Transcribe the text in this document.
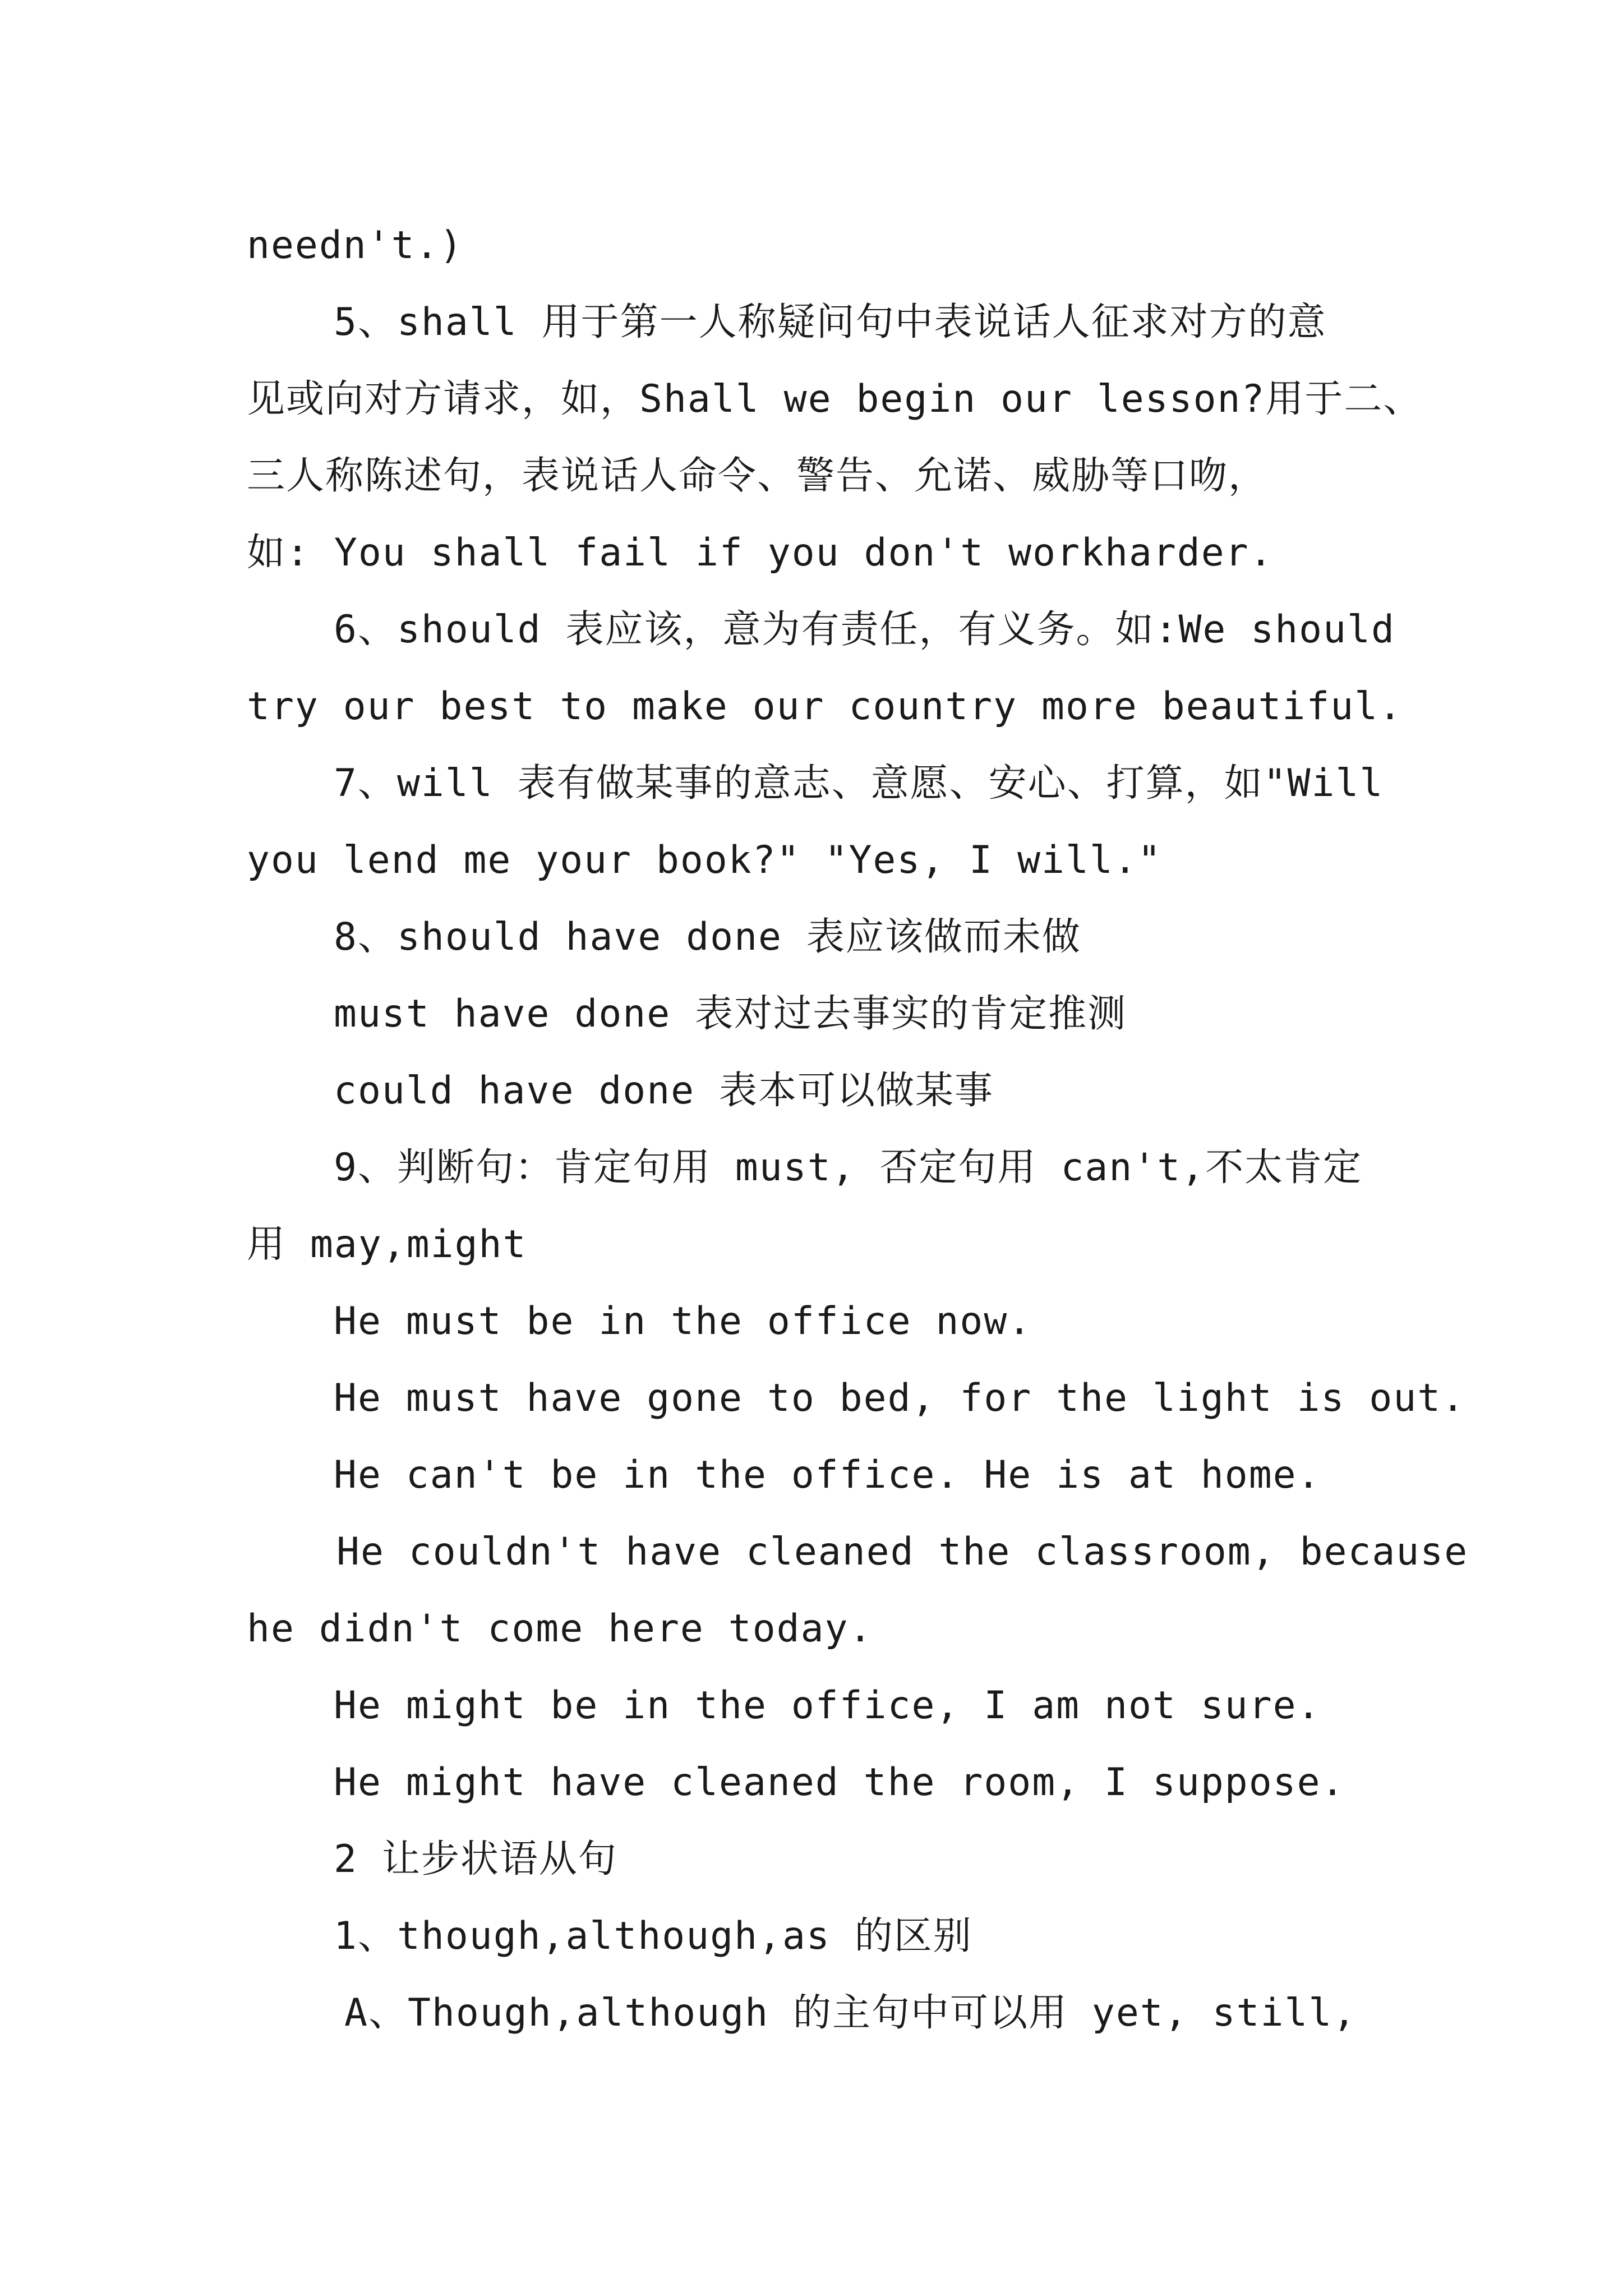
needn't.)
5、shall 用于第一人称疑问句中表说话人征求对方的意
见或向对方请求，如，Shall we begin our lesson?用于二、
三人称陈述句，表说话人命令、警告、允诺、威胁等口吻，
如: You shall fail if you don't workharder.
6、should 表应该，意为有责任，有义务。如:We should
try our best to make our country more beautiful.
7、will 表有做某事的意志、意愿、安心、打算，如"Will
you lend me your book?" "Yes, I will."
8、should have done 表应该做而未做
must have done 表对过去事实的肯定推测
could have done 表本可以做某事
9、判断句：肯定句用 must, 否定句用 can't,不太肯定
用 may,might
He must be in the office now.
He must have gone to bed, for the light is out.
He can't be in the office. He is at home.
He couldn't have cleaned the classroom, because
he didn't come here today.
He might be in the office, I am not sure.
He might have cleaned the room, I suppose.
2 让步状语从句
1、though,although,as 的区别
A、Though,although 的主句中可以用 yet, still,
